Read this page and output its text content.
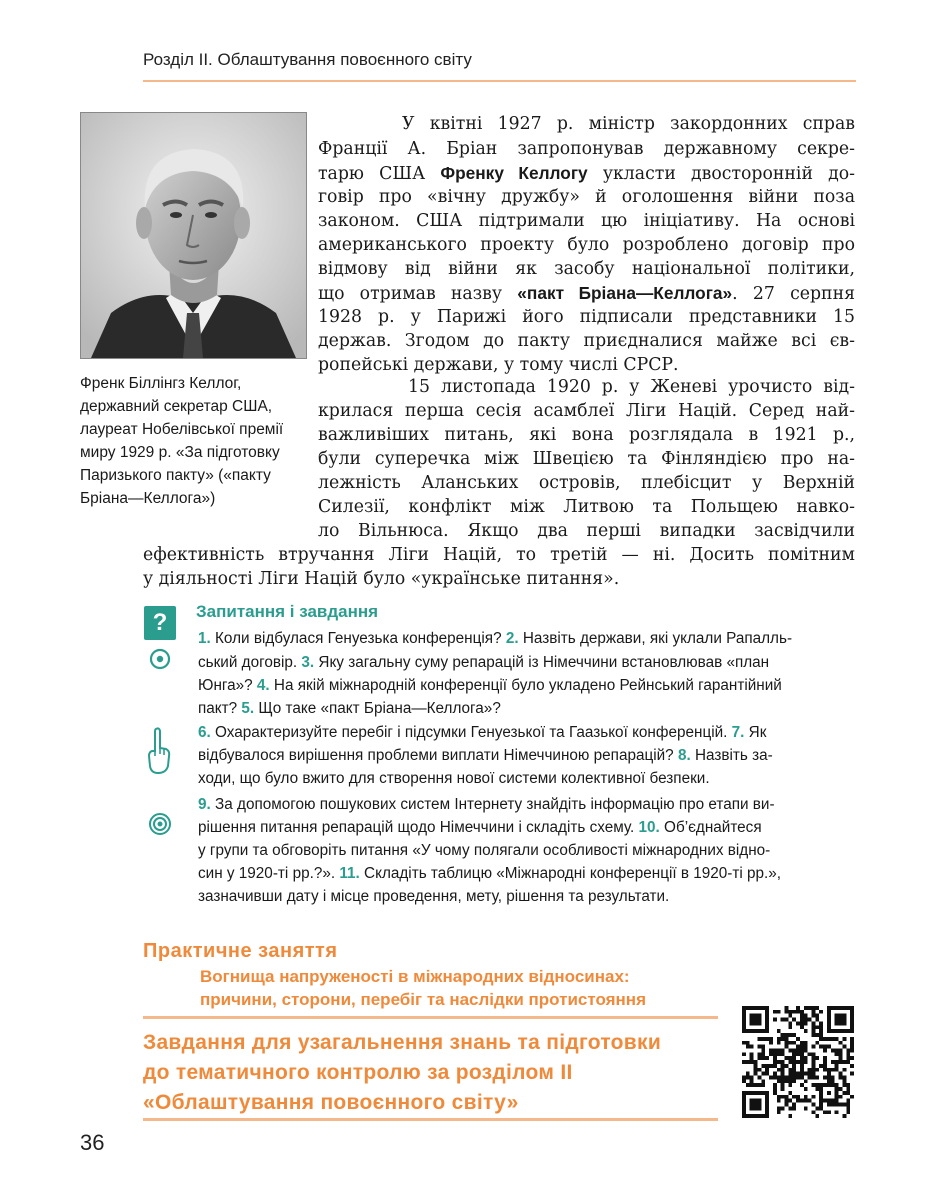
Розділ ІІ. Облаштування повоєнного світу
Френк Біллінгз Келлог,
державний секретар США,
лауреат Нобелівської премії
миру 1929 р. «За підготовку
Паризького пакту» («пакту
Бріана—Келлога»)
У квітні 1927 р. міністр закордонних справ
Франції А. Бріан запропонував державному секре-
тарю США Френку Келлогу укласти двосторонній до-
говір про «вічну дружбу» й оголошення війни поза
законом. США підтримали цю ініціативу. На основі
американського проекту було розроблено договір про
відмову від війни як засобу національної політики,
що отримав назву «пакт Бріана—Келлога». 27 серпня
1928 р. у Парижі його підписали представники 15
держав. Згодом до пакту приєдналися майже всі єв-
ропейські держави, у тому числі СРСР.
15 листопада 1920 р. у Женеві урочисто від-
крилася перша сесія асамблеї Ліги Націй. Серед най-
важливіших питань, які вона розглядала в 1921 р.,
були суперечка між Швецією та Фінляндією про на-
лежність Аланських островів, плебісцит у Верхній
Силезії, конфлікт між Литвою та Польщею навко-
ло Вільнюса. Якщо два перші випадки засвідчили
ефективність втручання Ліги Націй, то третій — ні. Досить помітним
у діяльності Ліги Націй було «українське питання».
?	Запитання і завдання
1. Коли відбулася Генуезька конференція? 2. Назвіть держави, які уклали Рапалль-
ський договір. 3. Яку загальну суму репарацій із Німеччини встановлював «план
Юнга»? 4. На якій міжнародній конференції було укладено Рейнський гарантійний
пакт? 5. Що таке «пакт Бріана—Келлога»?
6. Охарактеризуйте перебіг і підсумки Генуезької та Гаазької конференцій. 7. Як
відбувалося вирішення проблеми виплати Німеччиною репарацій? 8. Назвіть за-
ходи, що було вжито для створення нової системи колективної безпеки.
9. За допомогою пошукових систем Інтернету знайдіть інформацію про етапи ви-
рішення питання репарацій щодо Німеччини і складіть схему. 10. Об’єднайтеся
у групи та обговоріть питання «У чому полягали особливості міжнародних відно-
син у 1920-ті рр.?». 11. Складіть таблицю «Міжнародні конференції в 1920-ті рр.»,
зазначивши дату і місце проведення, мету, рішення та результати.
Практичне заняття
Вогнища напруженості в міжнародних відносинах:
причини, сторони, перебіг та наслідки протистояння
Завдання для узагальнення знань та підготовки
до тематичного контролю за розділом ІІ
«Облаштування повоєнного світу»
36
